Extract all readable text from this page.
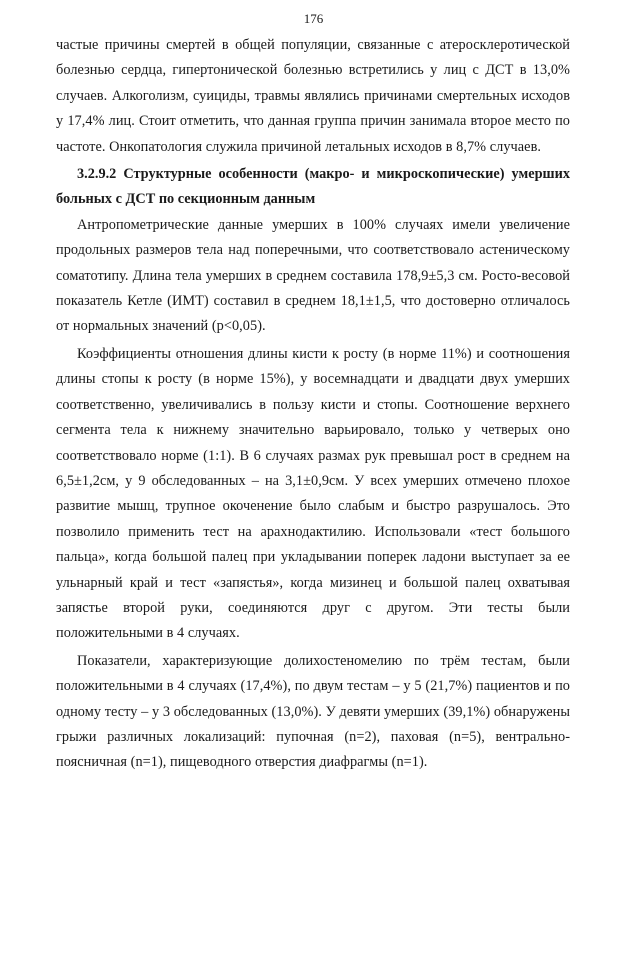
176

частые причины смертей в общей популяции, связанные с атеросклеротической болезнью сердца, гипертонической болезнью встретились у лиц с ДСТ в 13,0% случаев. Алкоголизм, суициды, травмы являлись причинами смертельных исходов у 17,4% лиц. Стоит отметить, что данная группа причин занимала второе место по частоте. Онкопатология служила причиной летальных исходов в 8,7% случаев.

3.2.9.2 Структурные особенности (макро- и микроскопические) умерших больных с ДСТ по секционным данным

Антропометрические данные умерших в 100% случаях имели увеличение продольных размеров тела над поперечными, что соответствовало астеническому соматотипу. Длина тела умерших в среднем составила 178,9±5,3 см. Росто-весовой показатель Кетле (ИМТ) составил в среднем 18,1±1,5, что достоверно отличалось от нормальных значений (р<0,05).

Коэффициенты отношения длины кисти к росту (в норме 11%) и соотношения длины стопы к росту (в норме 15%), у восемнадцати и двадцати двух умерших соответственно, увеличивались в пользу кисти и стопы. Соотношение верхнего сегмента тела к нижнему значительно варьировало, только у четверых оно соответствовало норме (1:1). В 6 случаях размах рук превышал рост в среднем на 6,5±1,2см, у 9 обследованных – на 3,1±0,9см. У всех умерших отмечено плохое развитие мышц, трупное окоченение было слабым и быстро разрушалось. Это позволило применить тест на арахнодактилию. Использовали «тест большого пальца», когда большой палец при укладывании поперек ладони выступает за ее ульнарный край и тест «запястья», когда мизинец и большой палец охватывая запястье второй руки, соединяются друг с другом. Эти тесты были положительными в 4 случаях.

Показатели, характеризующие долихостеномелию по трём тестам, были положительными в 4 случаях (17,4%), по двум тестам – у 5 (21,7%) пациентов и по одному тесту – у 3 обследованных (13,0%). У девяти умерших (39,1%) обнаружены грыжи различных локализаций: пупочная (n=2), паховая (n=5), вентрально-поясничная (n=1), пищеводного отверстия диафрагмы (n=1).
